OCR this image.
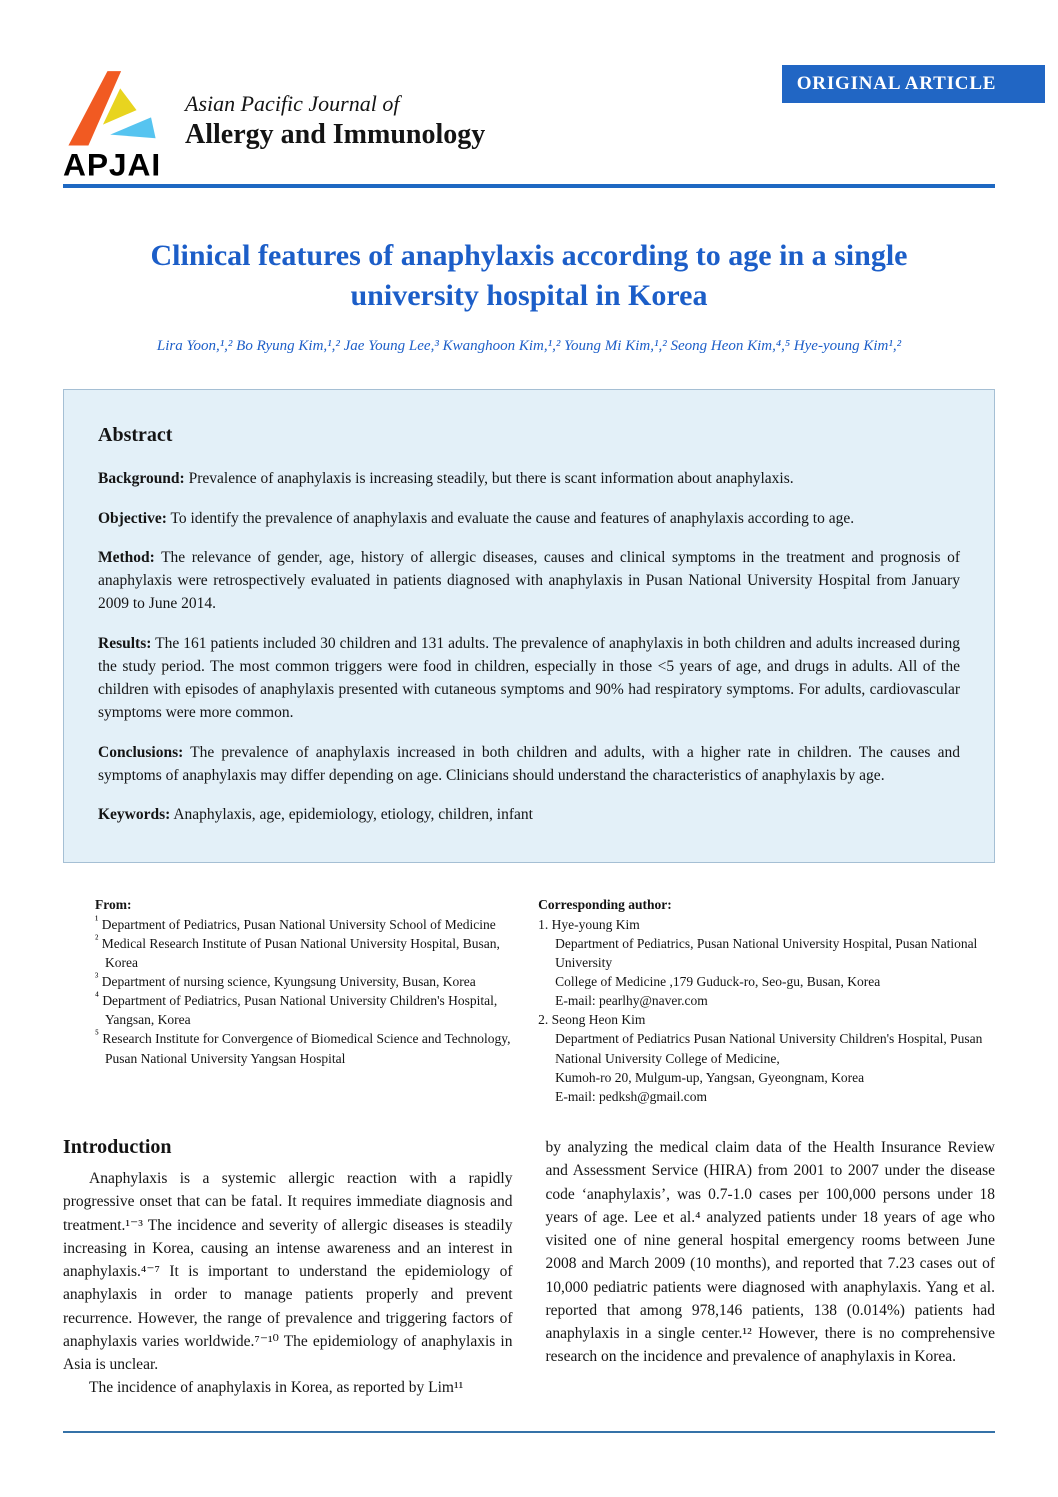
APJAI
Asian Pacific Journal of
Allergy and Immunology
ORIGINAL ARTICLE
Clinical features of anaphylaxis according to age in a single
university hospital in Korea
Lira Yoon,¹,² Bo Ryung Kim,¹,² Jae Young Lee,³ Kwanghoon Kim,¹,² Young Mi Kim,¹,² Seong Heon Kim,⁴,⁵ Hye-young Kim¹,²
Abstract

Background: Prevalence of anaphylaxis is increasing steadily, but there is scant information about anaphylaxis.

Objective: To identify the prevalence of anaphylaxis and evaluate the cause and features of anaphylaxis according to age.

Method: The relevance of gender, age, history of allergic diseases, causes and clinical symptoms in the treatment and prognosis of anaphylaxis were retrospectively evaluated in patients diagnosed with anaphylaxis in Pusan National University Hospital from January 2009 to June 2014.

Results: The 161 patients included 30 children and 131 adults. The prevalence of anaphylaxis in both children and adults increased during the study period. The most common triggers were food in children, especially in those <5 years of age, and drugs in adults. All of the children with episodes of anaphylaxis presented with cutaneous symptoms and 90% had respiratory symptoms. For adults, cardiovascular symptoms were more common.

Conclusions: The prevalence of anaphylaxis increased in both children and adults, with a higher rate in children. The causes and symptoms of anaphylaxis may differ depending on age. Clinicians should understand the characteristics of anaphylaxis by age.

Keywords: Anaphylaxis, age, epidemiology, etiology, children, infant

From:

$^{^1}$ Department of Pediatrics, Pusan National University School of Medicine

$^{^2}$ Medical Research Institute of Pusan National University Hospital, Busan, Korea

$^{^3}$ Department of nursing science, Kyungsung University, Busan, Korea

$^{^4}$ Department of Pediatrics, Pusan National University Children's Hospital, Yangsan, Korea

$^{^5}$ Research Institute for Convergence of Biomedical Science and Technology, Pusan National University Yangsan Hospital

Corresponding author:

1. Hye-young Kim

Department of Pediatrics, Pusan National University Hospital, Pusan National University

College of Medicine ,179 Guduck-ro, Seo-gu, Busan, Korea

E-mail: pearlhy@naver.com

2. Seong Heon Kim

Department of Pediatrics Pusan National University Children's Hospital, Pusan National University College of Medicine,

Kumoh-ro 20, Mulgum-up, Yangsan, Gyeongnam, Korea

E-mail: pedksh@gmail.com

Introduction

Anaphylaxis is a systemic allergic reaction with a rapidly progressive onset that can be fatal. It requires immediate diagnosis and treatment.¹⁻³ The incidence and severity of allergic diseases is steadily increasing in Korea, causing an intense awareness and an interest in anaphylaxis.⁴⁻⁷ It is important to understand the epidemiology of anaphylaxis in order to manage patients properly and prevent recurrence. However, the range of prevalence and triggering factors of anaphylaxis varies worldwide.⁷⁻¹⁰ The epidemiology of anaphylaxis in Asia is unclear.

The incidence of anaphylaxis in Korea, as reported by Lim¹¹

by analyzing the medical claim data of the Health Insurance Review and Assessment Service (HIRA) from 2001 to 2007 under the disease code ‘anaphylaxis’, was 0.7-1.0 cases per 100,000 persons under 18 years of age. Lee et al.⁴ analyzed patients under 18 years of age who visited one of nine general hospital emergency rooms between June 2008 and March 2009 (10 months), and reported that 7.23 cases out of 10,000 pediatric patients were diagnosed with anaphylaxis. Yang et al. reported that among 978,146 patients, 138 (0.014%) patients had anaphylaxis in a single center.¹² However, there is no comprehensive research on the incidence and prevalence of anaphylaxis in Korea.
